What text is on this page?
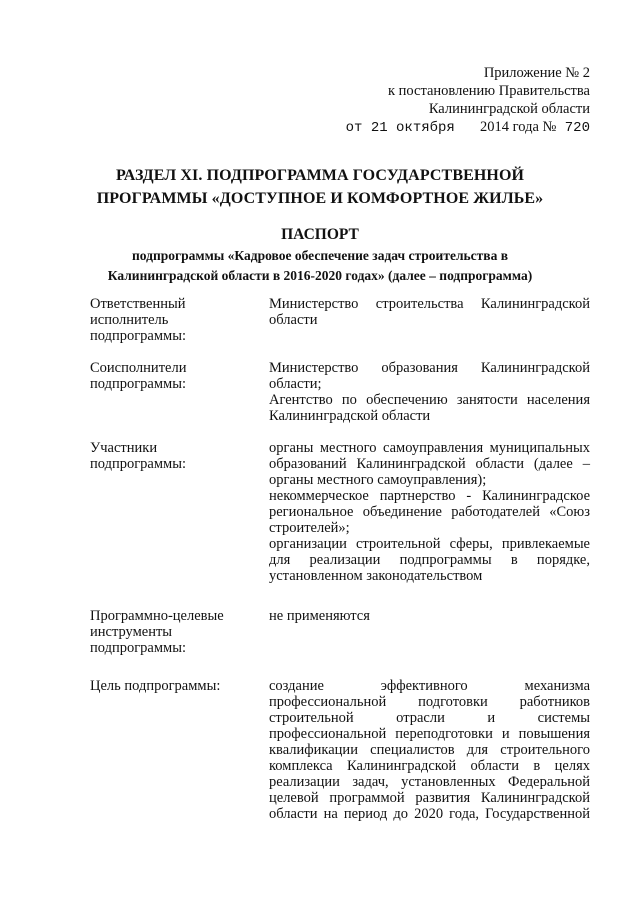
Приложение № 2
к постановлению Правительства
Калининградской области
от 21 октября 2014 года № 720
РАЗДЕЛ XI. ПОДПРОГРАММА ГОСУДАРСТВЕННОЙ
ПРОГРАММЫ «ДОСТУПНОЕ И КОМФОРТНОЕ ЖИЛЬЕ»
ПАСПОРТ
подпрограммы «Кадровое обеспечение задач строительства в
Калининградской области в 2016-2020 годах» (далее – подпрограмма)
Ответственный
исполнитель
подпрограммы:
Министерство строительства Калининградской
области
Соисполнители
подпрограммы:
Министерство образования Калининградской
области;
Агентство по обеспечению занятости населения
Калининградской области
Участники
подпрограммы:
органы местного самоуправления муниципальных
образований Калининградской области (далее –
органы местного самоуправления);
некоммерческое партнерство - Калининградское
региональное объединение работодателей «Союз
строителей»;
организации строительной сферы, привлекаемые
для реализации подпрограммы в порядке,
установленном законодательством
Программно-целевые
инструменты
подпрограммы:
не применяются
Цель подпрограммы:	создание эффективного механизма
профессиональной подготовки работников
строительной отрасли и системы
профессиональной переподготовки и повышения
квалификации специалистов для строительного
комплекса Калининградской области в целях
реализации задач, установленных Федеральной
целевой программой развития Калининградской
области на период до 2020 года, Государственной
